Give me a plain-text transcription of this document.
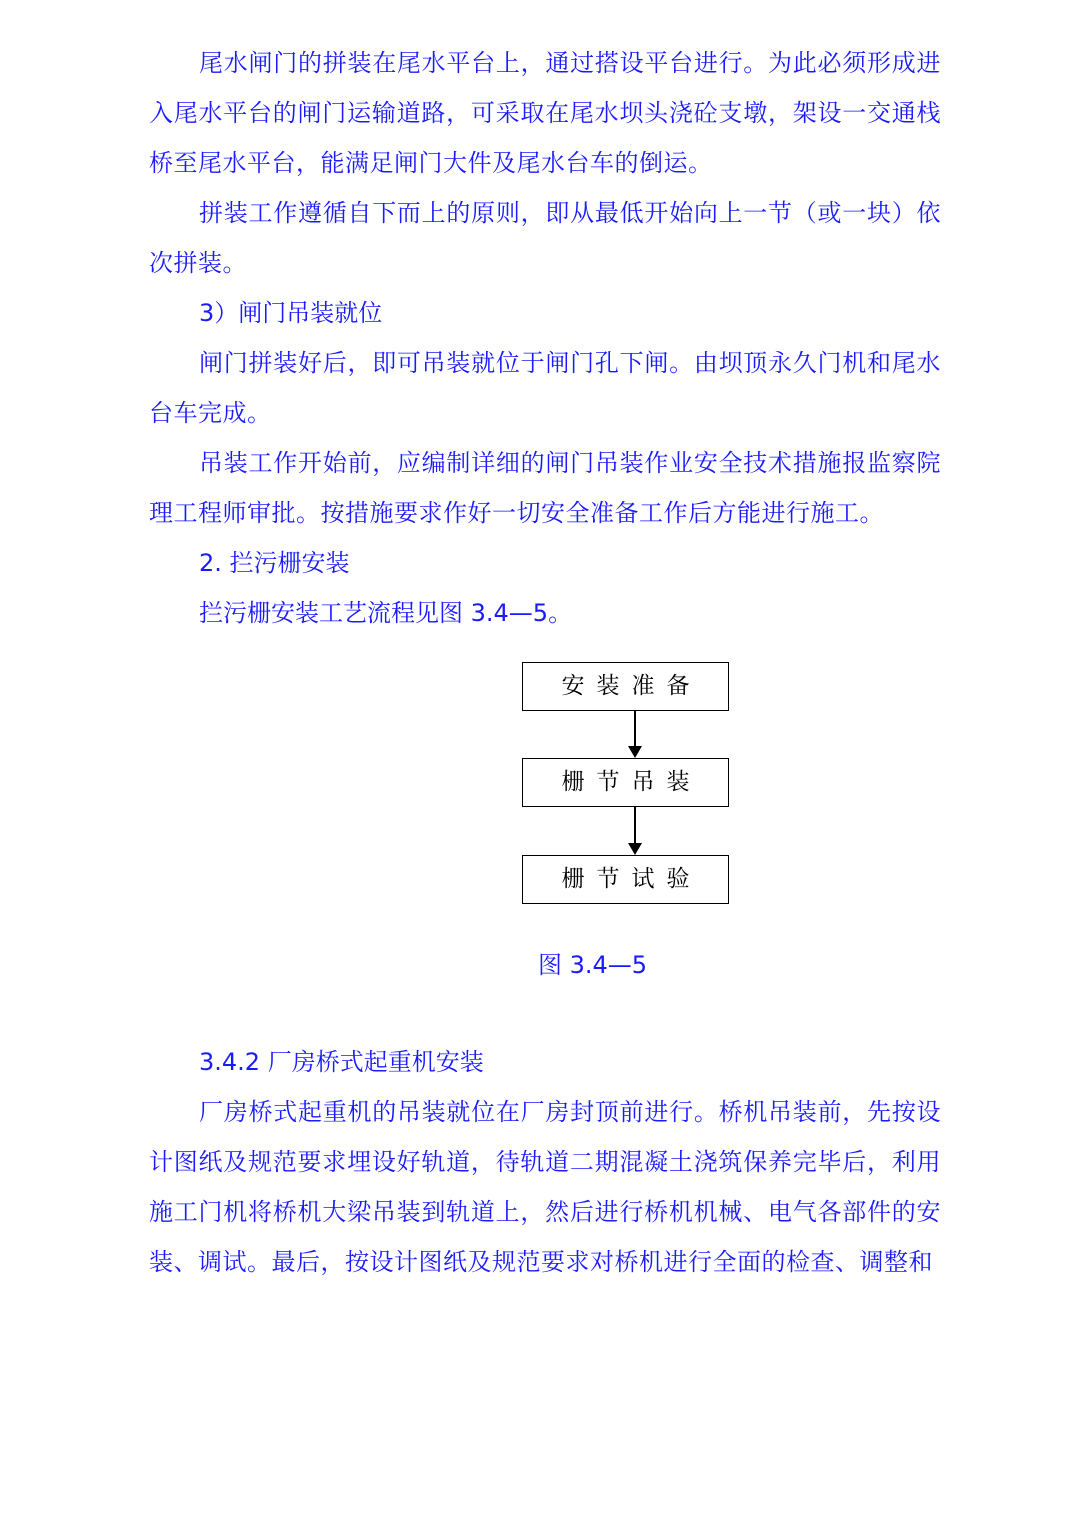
尾水闸门的拼装在尾水平台上，通过搭设平台进行。为此必须形成进入尾水平台的闸门运输道路，可采取在尾水坝头浇砼支墩，架设一交通栈桥至尾水平台，能满足闸门大件及尾水台车的倒运。

拼装工作遵循自下而上的原则，即从最低开始向上一节（或一块）依次拼装。

3）闸门吊装就位

闸门拼装好后，即可吊装就位于闸门孔下闸。由坝顶永久门机和尾水台车完成。

吊装工作开始前，应编制详细的闸门吊装作业安全技术措施报监察院理工程师审批。按措施要求作好一切安全准备工作后方能进行施工。

2. 拦污栅安装

拦污栅安装工艺流程见图 3.4—5。

安装准备
栅节吊装
栅节试验

图 3.4—5

3.4.2 厂房桥式起重机安装

厂房桥式起重机的吊装就位在厂房封顶前进行。桥机吊装前，先按设计图纸及规范要求埋设好轨道，待轨道二期混凝土浇筑保养完毕后，利用施工门机将桥机大梁吊装到轨道上，然后进行桥机机械、电气各部件的安装、调试。最后，按设计图纸及规范要求对桥机进行全面的检查、调整和
